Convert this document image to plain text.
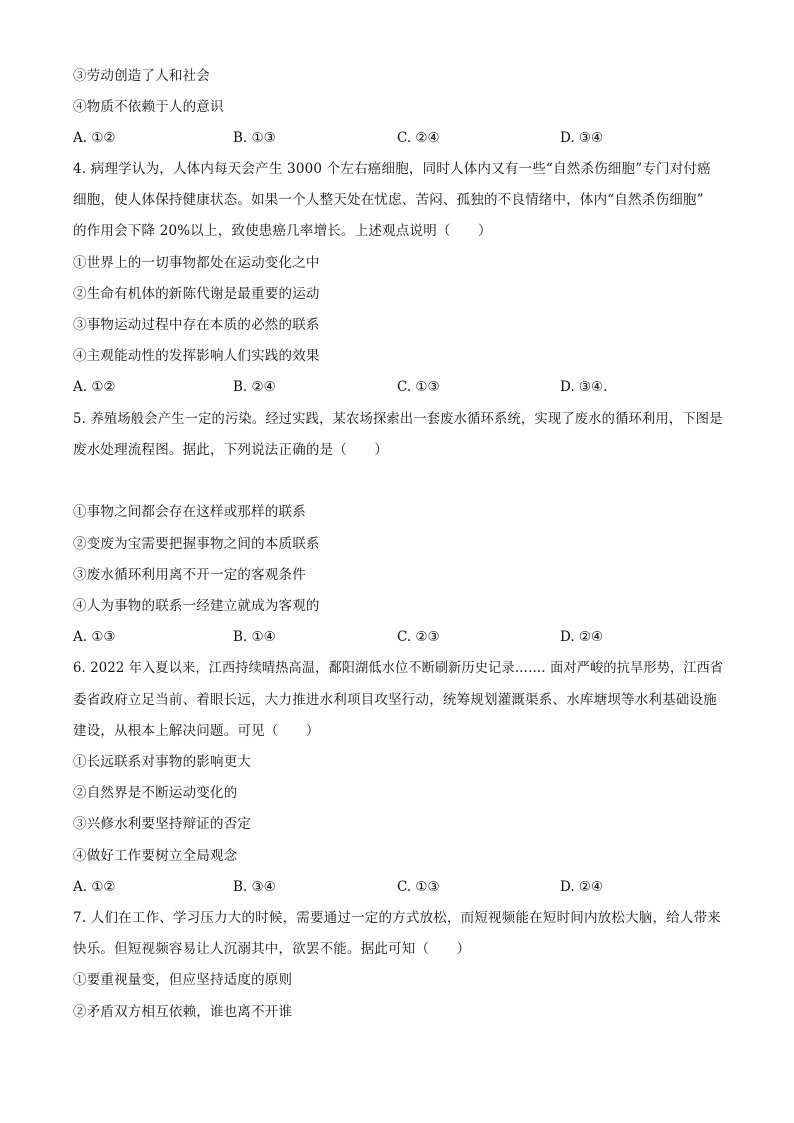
③劳动创造了人和社会
④物质不依赖于人的意识
A. ①②	B. ①③	C. ②④	D. ③④
4. 病理学认为，人体内每天会产生 3000 个左右癌细胞，同时人体内又有一些“自然杀伤细胞”专门对付癌
细胞，使人体保持健康状态。如果一个人整天处在忧虑、苦闷、孤独的不良情绪中，体内“自然杀伤细胞”
的作用会下降 20%以上，致使患癌几率增长。上述观点说明（　　）
①世界上的一切事物都处在运动变化之中
②生命有机体的新陈代谢是最重要的运动
③事物运动过程中存在本质的必然的联系
④主观能动性的发挥影响人们实践的效果
A. ①②	B. ②④	C. ①③	D. ③④.
5. 养殖场般会产生一定的污染。经过实践，某农场探索出一套废水循环系统，实现了废水的循环利用，下图是
废水处理流程图。据此，下列说法正确的是（　　）
①事物之间都会存在这样或那样的联系
②变废为宝需要把握事物之间的本质联系
③废水循环利用离不开一定的客观条件
④人为事物的联系一经建立就成为客观的
A. ①③	B. ①④	C. ②③	D. ②④
6. 2022 年入夏以来，江西持续晴热高温，鄱阳湖低水位不断刷新历史记录……. 面对严峻的抗旱形势，江西省
委省政府立足当前、着眼长远，大力推进水利项目攻坚行动，统筹规划灌溉渠系、水库塘坝等水利基础设施
建设，从根本上解决问题。可见（　　）
①长远联系对事物的影响更大
②自然界是不断运动变化的
③兴修水利要坚持辩证的否定
④做好工作要树立全局观念
A. ①②	B. ③④	C. ①③	D. ②④
7. 人们在工作、学习压力大的时候，需要通过一定的方式放松，而短视频能在短时间内放松大脑，给人带来
快乐。但短视频容易让人沉溺其中，欲罢不能。据此可知（　　）
①要重视量变，但应坚持适度的原则
②矛盾双方相互依赖，谁也离不开谁
